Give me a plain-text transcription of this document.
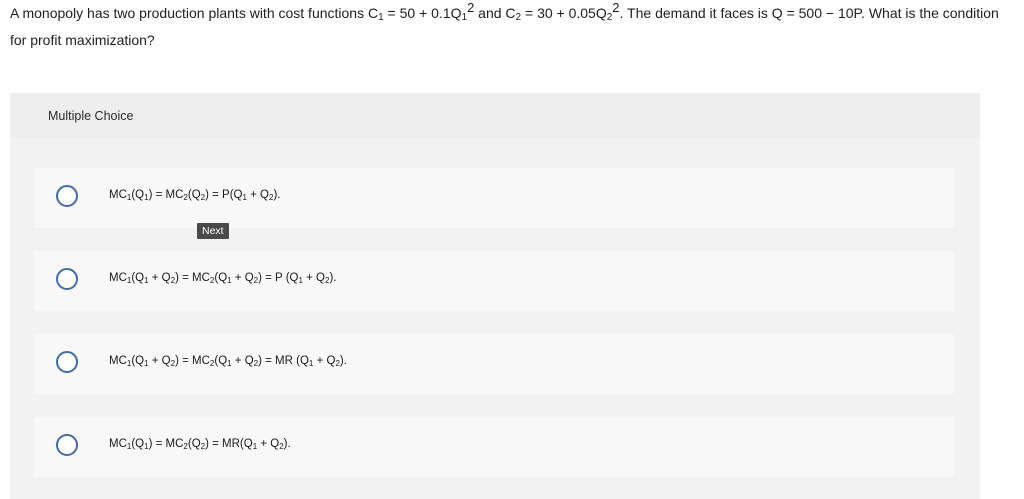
A monopoly has two production plants with cost functions $C_1 = 50 + 0.1Q_1^2$ and $C_2 = 30 + 0.05Q_2^2$. The demand it faces is Q = 500 − 10P. What is the condition for profit maximization?
Multiple Choice
$MC_1(Q_1) = MC_2(Q_2) = P(Q_1 + Q_2)$.
$MC_1(Q_1 + Q_2) = MC_2(Q_1 + Q_2) = P$ $(Q_1 + Q_2)$.
$MC_1(Q_1 + Q_2) = MC_2(Q_1 + Q_2)$ = MR $(Q_1 + Q_2)$.
$MC_1(Q_1) = MC_2(Q_2) = MR(Q_1 + Q_2)$.
Next
